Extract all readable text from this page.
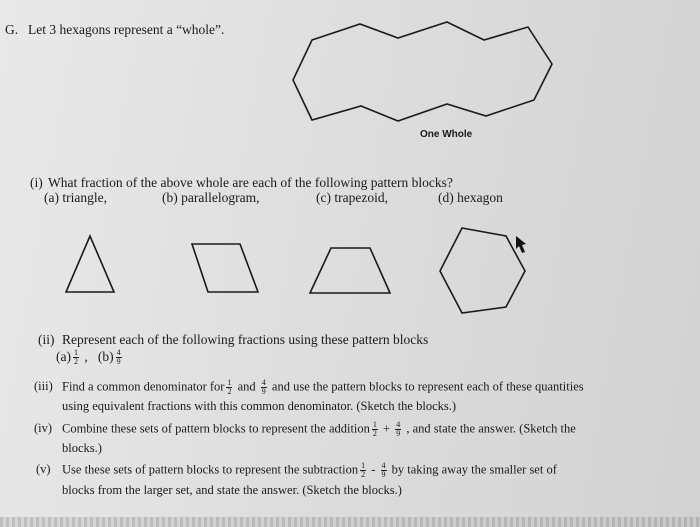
G. Let 3 hexagons represent a “whole”.
One Whole
(i) What fraction of the above whole are each of the following pattern blocks?
(a) triangle,	(b) parallelogram,	(c) trapezoid,	(d) hexagon
(ii) Represent each of the following fractions using these pattern blocks
$(a) \frac{1}{2}$ , $(b) \frac{4}{9}$
(iii) Find a common denominator for $\frac{1}{2}$ and $\frac{4}{9}$ and use the pattern blocks to represent each of these quantities
using equivalent fractions with this common denominator. (Sketch the blocks.)
(iv) Combine these sets of pattern blocks to represent the addition $\frac{1}{2} + \frac{4}{9}$ , and state the answer. (Sketch the
blocks.)
(v) Use these sets of pattern blocks to represent the subtraction $\frac{1}{2} - \frac{4}{9}$ by taking away the smaller set of
blocks from the larger set, and state the answer. (Sketch the blocks.)
